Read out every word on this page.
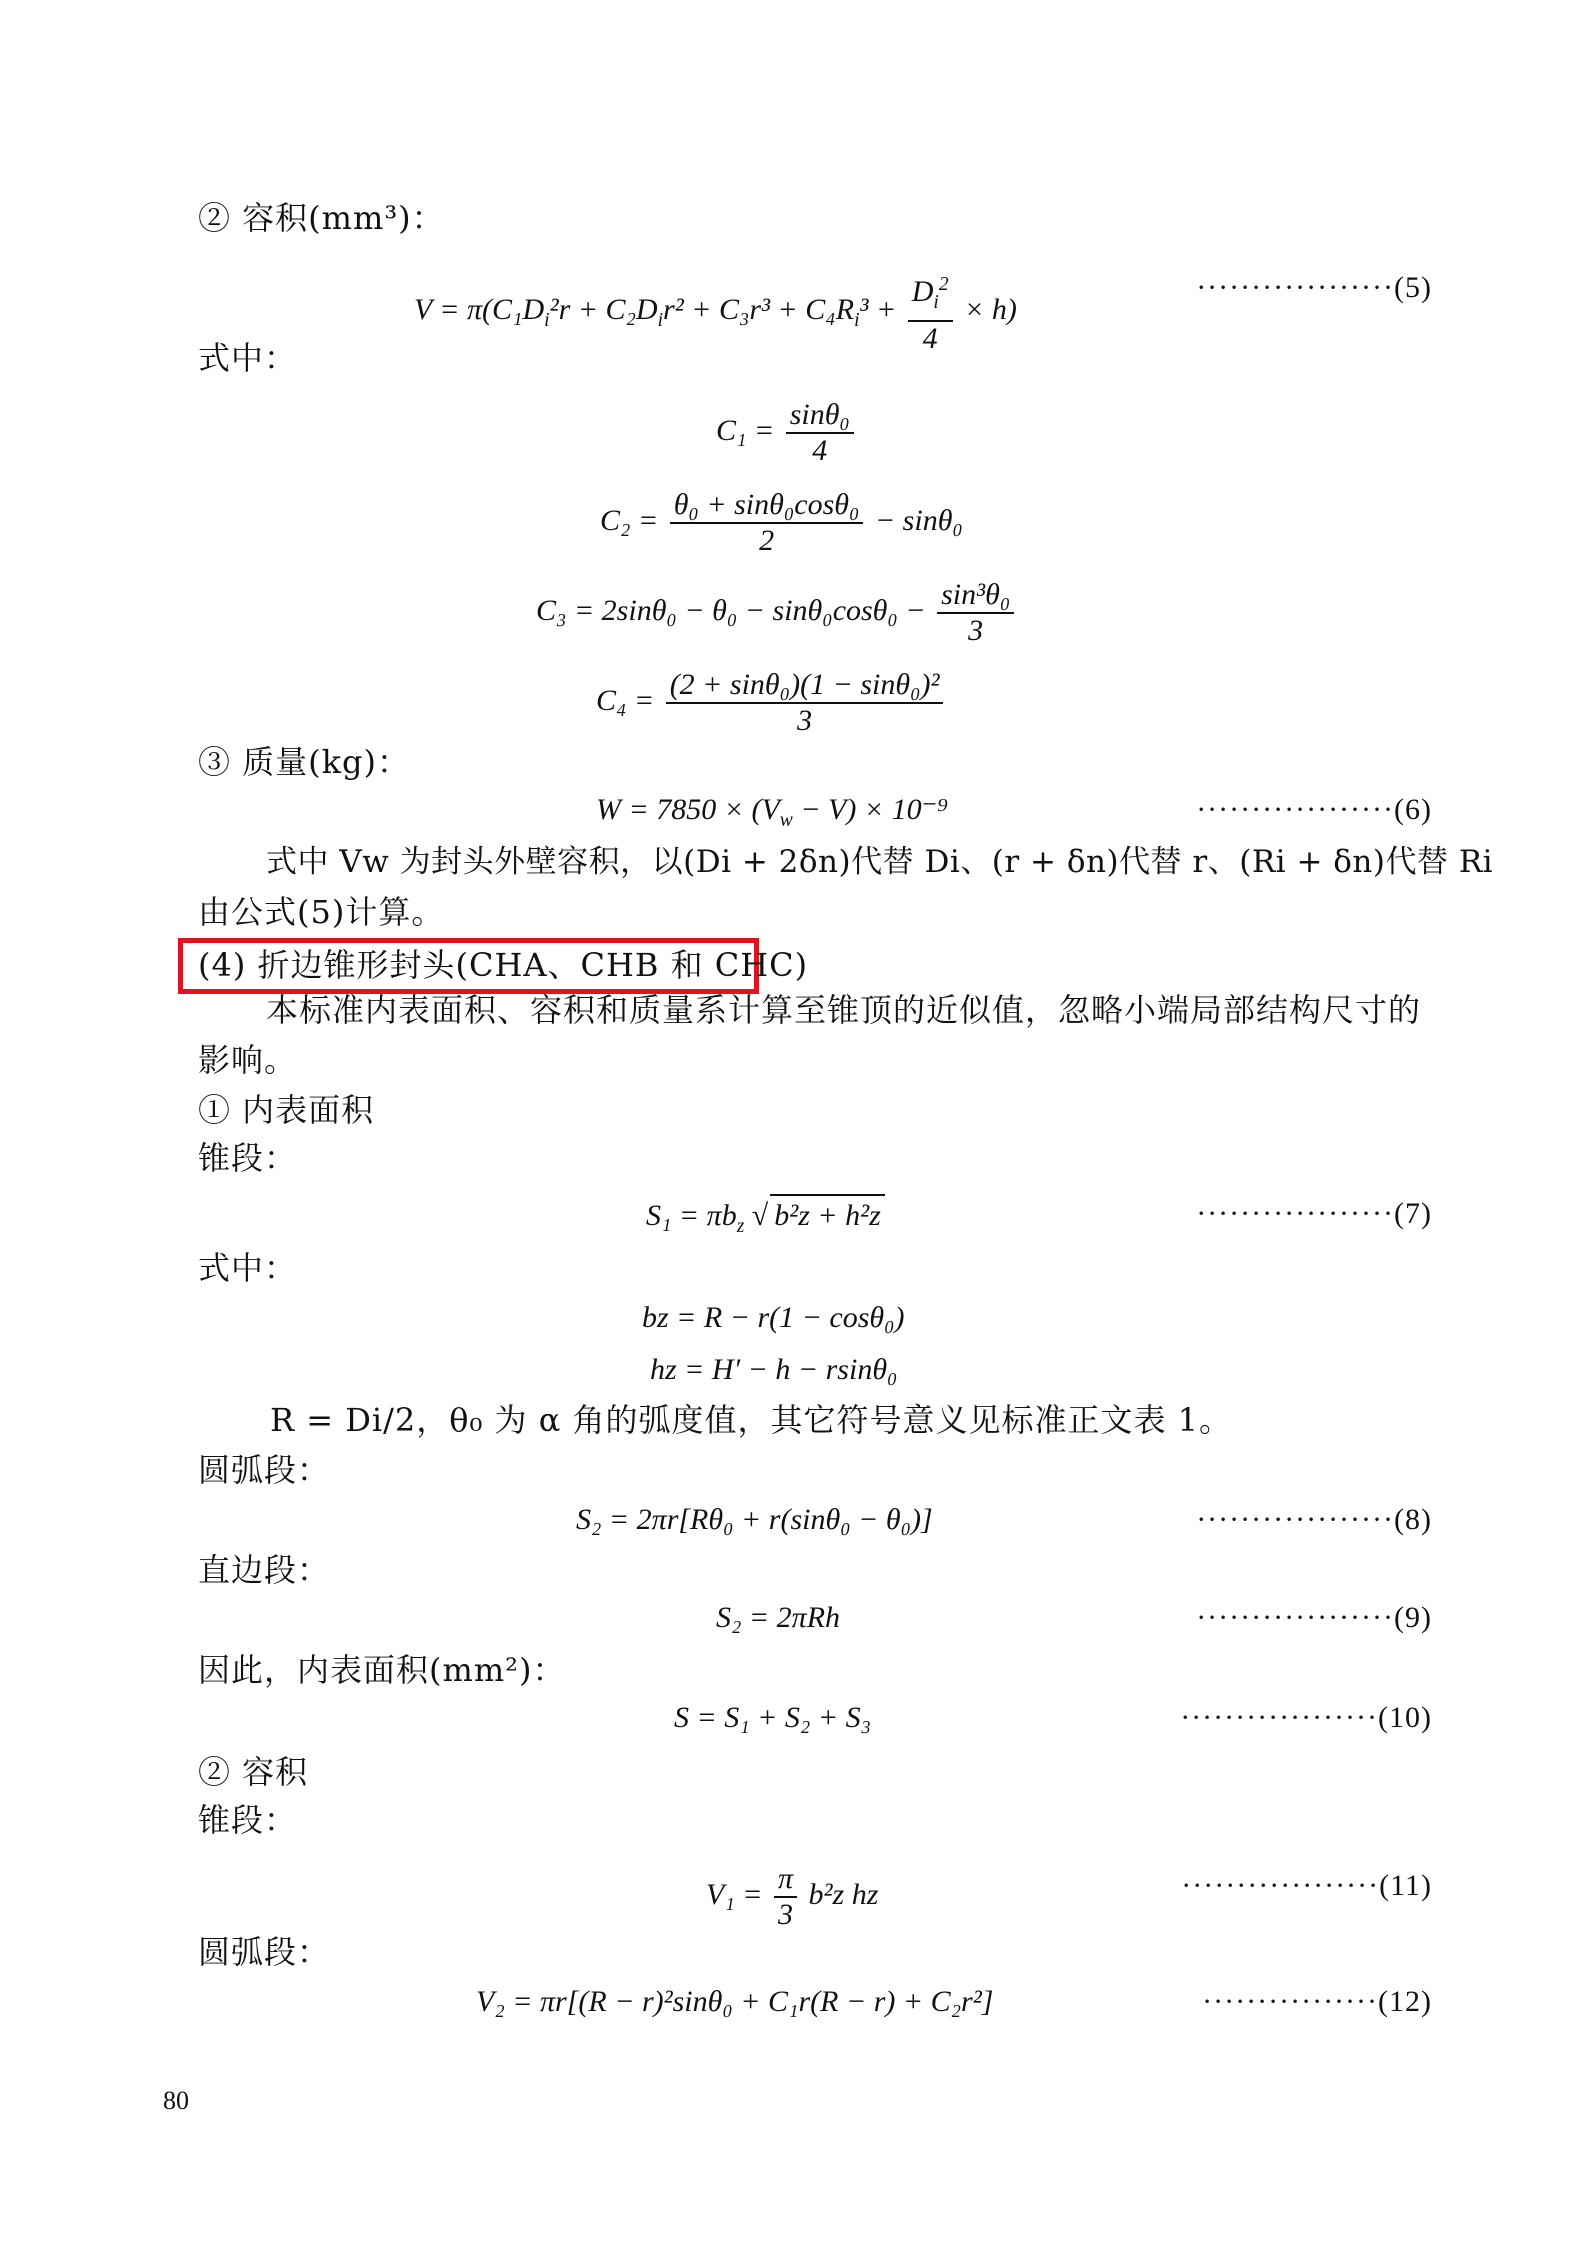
② 容积(mm³)：
$V = \pi(C_1D_i^2r + C_2D_ir^2 + C_3r^3 + C_4R_i^3 + \frac{D_i^2}{4} \times h)$
··················(5)
式中：
$C_1 = \frac{\text{sinθ₀}}{4}$
$C_2 = \frac{\text{θ₀ + sinθ₀cosθ₀}}{2} - \sin\theta_0$
$C_3 = 2\sin\theta_0 - \theta_0 - \sin\theta_0\cos\theta_0 - \frac{\text{sin³θ₀}}{3}$
$C_4 = \frac{\text{(2 + sinθ₀)(1 − sinθ₀)²}}{3}$
③ 质量(kg)：
$W = 7850 \times (V_w - V) \times 10^{-9}$	··················(6)
式中 Vw 为封头外壁容积，以(Di + 2δn)代替 Di、(r + δn)代替 r、(Ri + δn)代替 Ri
由公式(5)计算。
(4) 折边锥形封头(CHA、CHB 和 CHC)
本标准内表面积、容积和质量系计算至锥顶的近似值，忽略小端局部结构尺寸的
影响。
① 内表面积
锥段：
$S_1 = \pi b_z$ √ b²z + h²z	··················(7)
式中：
bz = R − r(1 − cosθ₀)
hz = H′ − h − rsinθ₀
R = Di/2，θ₀ 为 α 角的弧度值，其它符号意义见标准正文表 1。
圆弧段：
S₂ = 2πr[Rθ₀ + r(sinθ₀ − θ₀)]	··················(8)
直边段：
S₂ = 2πRh	··················(9)
因此，内表面积(mm²)：
S = S₁ + S₂ + S₃	··················(10)
② 容积
锥段：
$V_1 = \frac{\pi}{3} b^2z$ hz	··················(11)
圆弧段：
V₂ = πr[(R − r)²sinθ₀ + C₁r(R − r) + C₂r²]	················(12)
80
